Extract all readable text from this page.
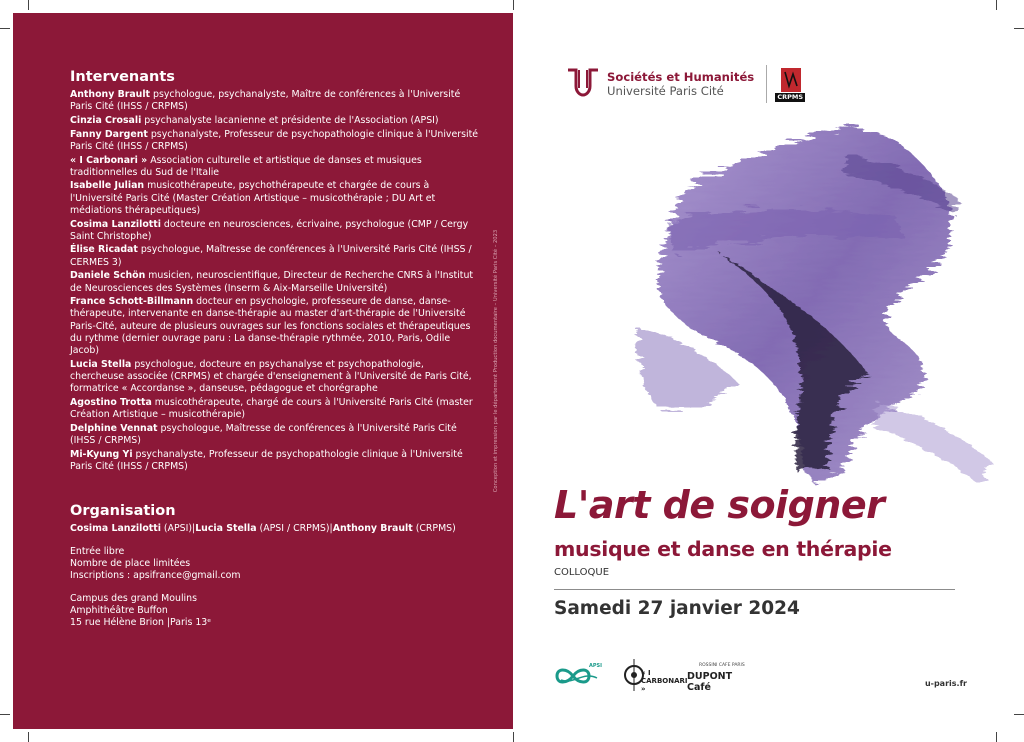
Intervenants

Anthony Brault psychologue, psychanalyste, Maître de conférences à l'Université Paris Cité (IHSS / CRPMS)

Cinzia Crosali psychanalyste lacanienne et présidente de l'Association (APSI)

Fanny Dargent psychanalyste, Professeur de psychopathologie clinique à l'Université Paris Cité (IHSS / CRPMS)

« I Carbonari » Association culturelle et artistique de danses et musiques traditionnelles du Sud de l'Italie

Isabelle Julian musicothérapeute, psychothérapeute et chargée de cours à l'Université Paris Cité (Master Création Artistique – musicothérapie ; DU Art et médiations thérapeutiques)

Cosima Lanzilotti docteure en neurosciences, écrivaine, psychologue (CMP / Cergy Saint Christophe)

Élise Ricadat psychologue, Maîtresse de conférences à l'Université Paris Cité (IHSS / CERMES 3)

Daniele Schön musicien, neuroscientifique, Directeur de Recherche CNRS à l'Institut de Neurosciences des Systèmes (Inserm & Aix-Marseille Université)

France Schott-Billmann docteur en psychologie, professeure de danse, danse-thérapeute, intervenante en danse-thérapie au master d'art-thérapie de l'Université Paris-Cité, auteure de plusieurs ouvrages sur les fonctions sociales et thérapeutiques du rythme (dernier ouvrage paru : La danse-thérapie rythmée, 2010, Paris, Odile Jacob)

Lucia Stella psychologue, docteure en psychanalyse et psychopathologie, chercheuse associée (CRPMS) et chargée d'enseignement à l'Université de Paris Cité, formatrice « Accordanse », danseuse, pédagogue et chorégraphe

Agostino Trotta musicothérapeute, chargé de cours à l'Université Paris Cité (master Création Artistique – musicothérapie)

Delphine Vennat psychologue, Maîtresse de conférences à l'Université Paris Cité (IHSS / CRPMS)

Mi-Kyung Yi psychanalyste, Professeur de psychopathologie clinique à l'Université Paris Cité (IHSS / CRPMS)

Organisation
Cosima Lanzilotti (APSI)|Lucia Stella (APSI / CRPMS)|Anthony Brault (CRPMS)
Entrée libre
Nombre de place limitées
Inscriptions : apsifrance@gmail.com
Campus des grand Moulins
Amphithéâtre Buffon
15 rue Hélène Brion |Paris 13ᵉ
Conception et impression par le département Production documentaire – Université Paris Cité – 2023
Sociétés et Humanités
Université Paris Cité	CRPMS
L'art de soigner
musique et danse en thérapie
COLLOQUE
Samedi 27 janvier 2024
APSI
« I CARBONARI »
ROSSINI CAFE PARIS
DUPONT Café	u-paris.fr
